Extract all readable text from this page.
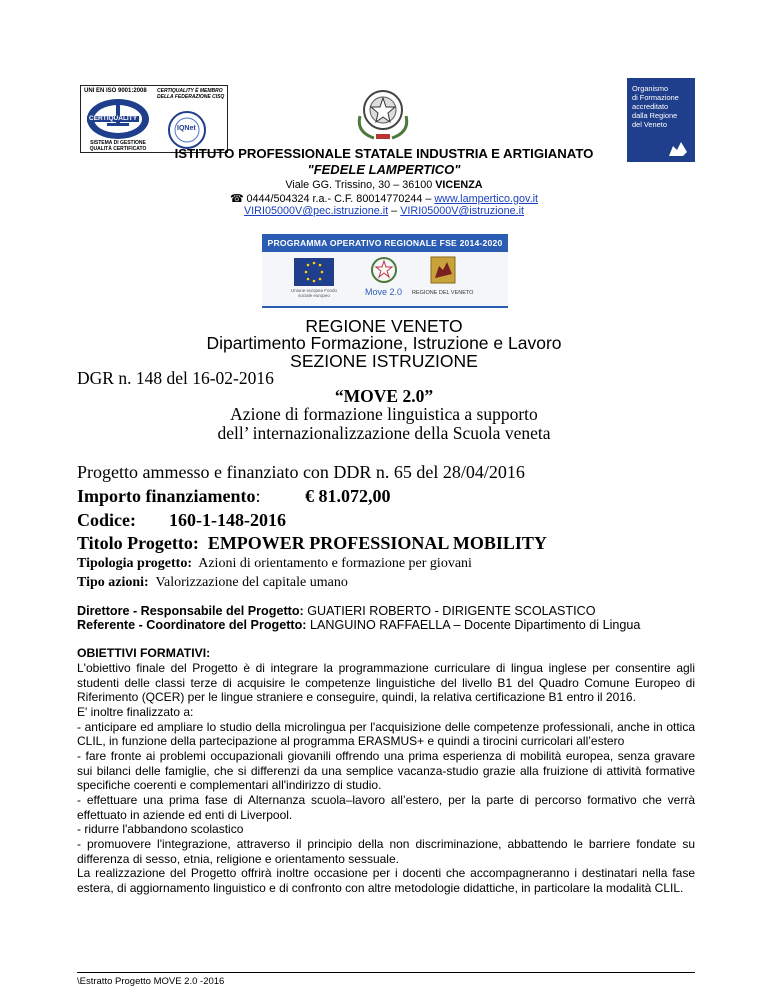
UNI EN ISO 9001:2008
CERTIQUALITY
SISTEMA DI GESTIONE QUALITÀ CERTIFICATO
CERTIQUALITY È MEMBRO DELLA FEDERAZIONE CISQ
IQNet
Organismo
di Formazione
accreditato
dalla Regione
del Veneto
ISTITUTO PROFESSIONALE STATALE INDUSTRIA E ARTIGIANATO
"FEDELE LAMPERTICO"
Viale GG. Trissino, 30 – 36100 VICENZA
☎ 0444/504324 r.a.- C.F. 80014770244 – www.lampertico.gov.it
VIRI05000V@pec.istruzione.it – VIRI05000V@istruzione.it
PROGRAMMA OPERATIVO REGIONALE FSE 2014-2020
Unione europea Fondo sociale europeo	Move 2.0 REGIONE DEL VENETO
REGIONE VENETO
Dipartimento Formazione, Istruzione e Lavoro
SEZIONE ISTRUZIONE
DGR n. 148 del 16-02-2016
“MOVE 2.0”
Azione di formazione linguistica a supporto
dell’ internazionalizzazione della Scuola veneta
Progetto ammesso e finanziato con DDR n. 65 del 28/04/2016
Importo finanziamento: € 81.072,00
Codice: 160-1-148-2016
Titolo Progetto: EMPOWER PROFESSIONAL MOBILITY
Tipologia progetto: Azioni di orientamento e formazione per giovani
Tipo azioni: Valorizzazione del capitale umano
Direttore - Responsabile del Progetto: GUATIERI ROBERTO - DIRIGENTE SCOLASTICO
Referente - Coordinatore del Progetto: LANGUINO RAFFAELLA – Docente Dipartimento di Lingua
OBIETTIVI FORMATIVI:

L'obiettivo finale del Progetto è di integrare la programmazione curriculare di lingua inglese per consentire agli studenti delle classi terze di acquisire le competenze linguistiche del livello B1 del Quadro Comune Europeo di Riferimento (QCER) per le lingue straniere e conseguire, quindi, la relativa certificazione B1 entro il 2016.

E' inoltre finalizzato a:

- anticipare ed ampliare lo studio della microlingua per l'acquisizione delle competenze professionali, anche in ottica CLIL, in funzione della partecipazione al programma ERASMUS+ e quindi a tirocini curricolari all’estero

- fare fronte ai problemi occupazionali giovanili offrendo una prima esperienza di mobilità europea, senza gravare sui bilanci delle famiglie, che si differenzi da una semplice vacanza-studio grazie alla fruizione di attività formative specifiche coerenti e complementari all'indirizzo di studio.

- effettuare una prima fase di Alternanza scuola–lavoro all’estero, per la parte di percorso formativo che verrà effettuato in aziende ed enti di Liverpool.

- ridurre l'abbandono scolastico

- promuovere l'integrazione, attraverso il principio della non discriminazione, abbattendo le barriere fondate su differenza di sesso, etnia, religione e orientamento sessuale.

La realizzazione del Progetto offrirà inoltre occasione per i docenti che accompagneranno i destinatari nella fase estera, di aggiornamento linguistico e di confronto con altre metodologie didattiche, in particolare la modalità CLIL.

\Estratto Progetto MOVE 2.0 -2016
